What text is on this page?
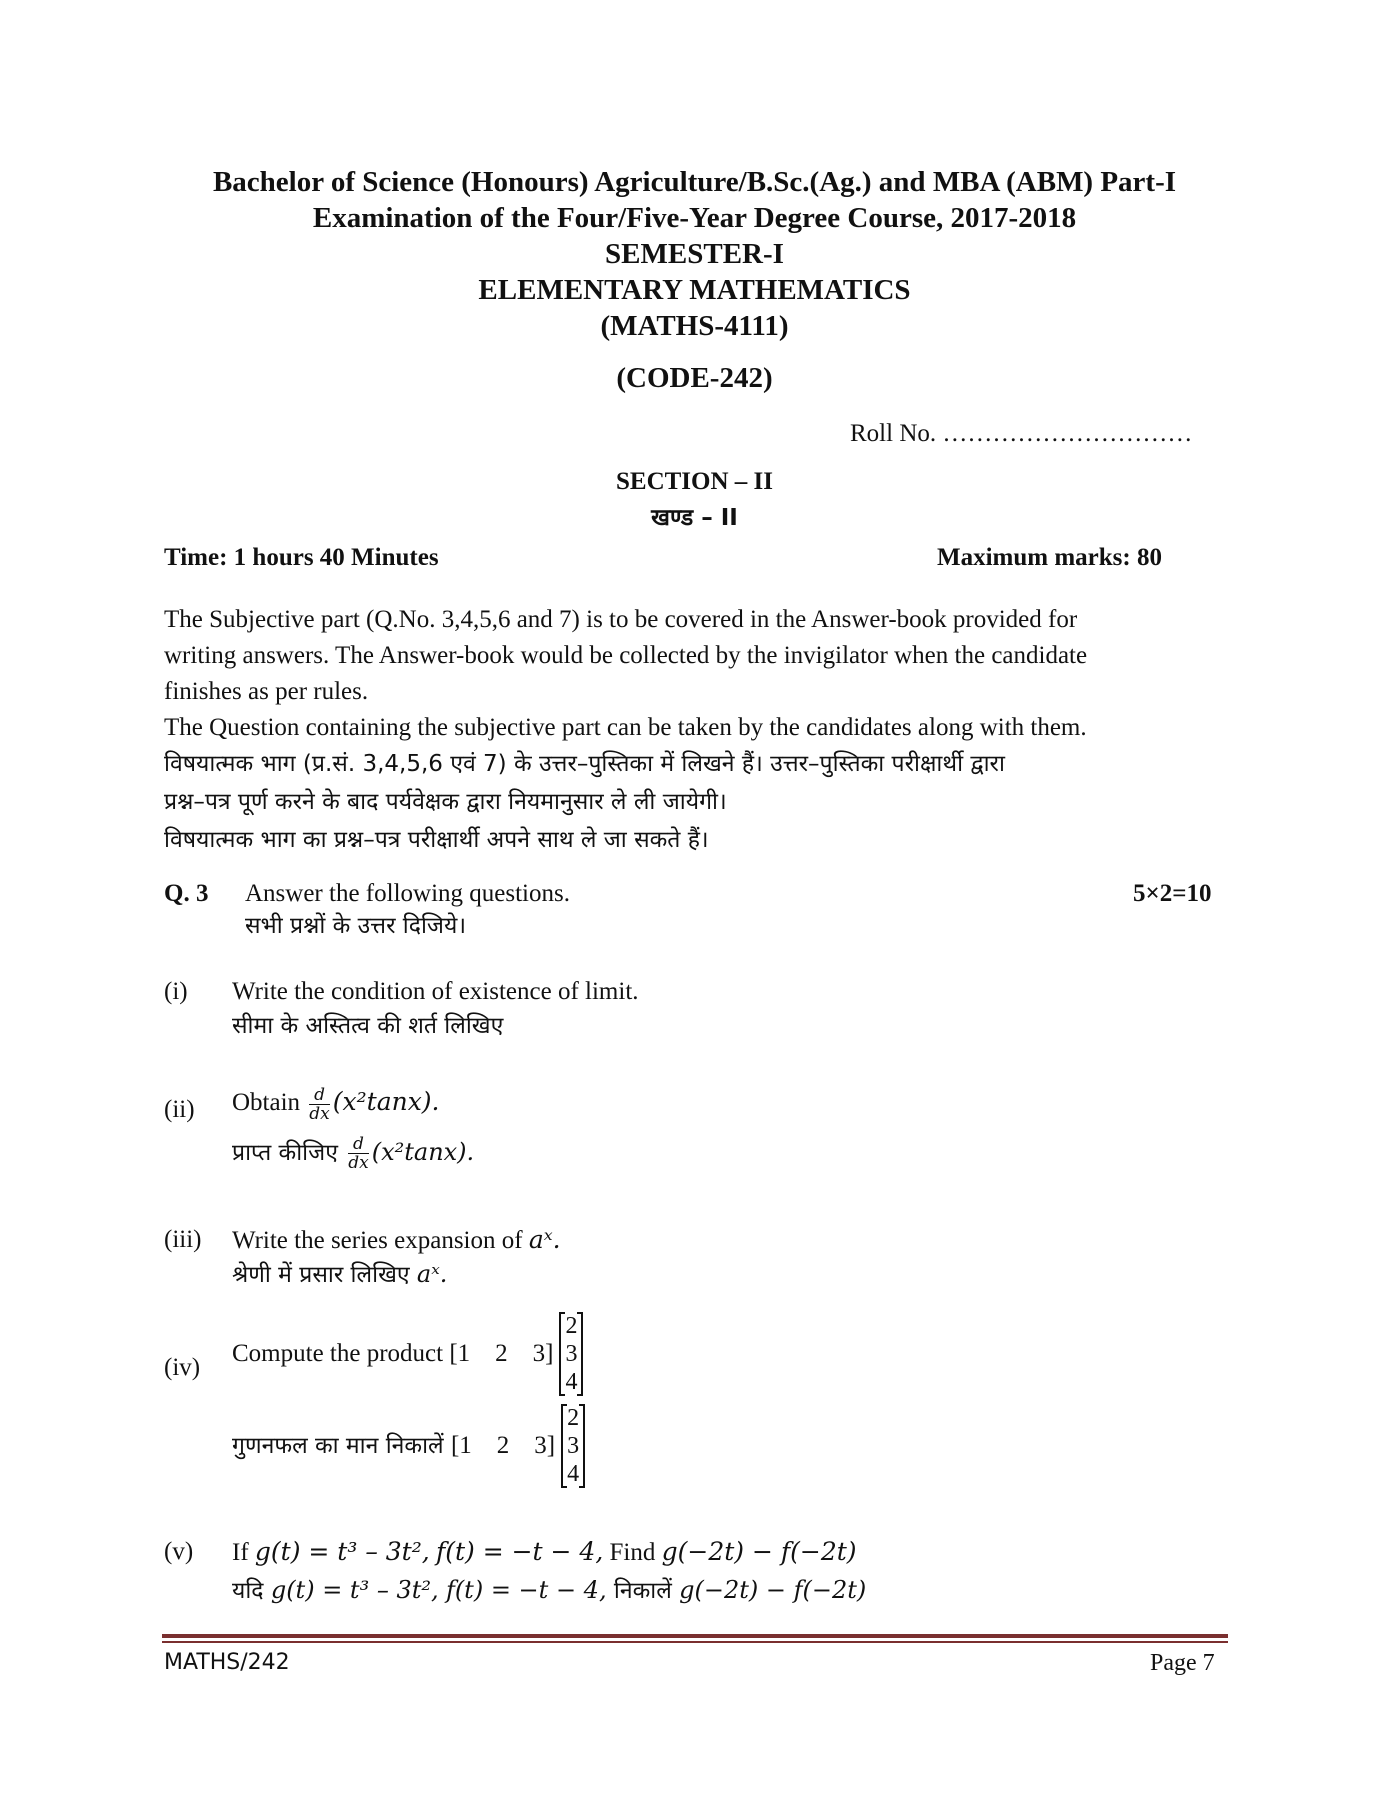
Bachelor of Science (Honours) Agriculture/B.Sc.(Ag.) and MBA (ABM) Part-I
Examination of the Four/Five-Year Degree Course, 2017-2018
SEMESTER-I
ELEMENTARY MATHEMATICS
(MATHS-4111)
(CODE-242)
Roll No. …………………………
SECTION – II
खण्ड – II
Time: 1 hours 40 Minutes	Maximum marks: 80
The Subjective part (Q.No. 3,4,5,6 and 7) is to be covered in the Answer-book provided for
writing answers. The Answer-book would be collected by the invigilator when the candidate
finishes as per rules.
The Question containing the subjective part can be taken by the candidates along with them.
विषयात्मक भाग (प्र.सं. 3,4,5,6 एवं 7) के उत्तर–पुस्तिका में लिखने हैं। उत्तर–पुस्तिका परीक्षार्थी द्वारा
प्रश्न–पत्र पूर्ण करने के बाद पर्यवेक्षक द्वारा नियमानुसार ले ली जायेगी।
विषयात्मक भाग का प्रश्न–पत्र परीक्षार्थी अपने साथ ले जा सकते हैं।
Q. 3 Answer the following questions.
सभी प्रश्नों के उत्तर दिजिये।
5×2=10
(i) Write the condition of existence of limit.
सीमा के अस्तित्व की शर्त लिखिए
(ii) Obtain $\frac{d}{dx} (x^2\tan x)$.
प्राप्त कीजिए $\frac{d}{dx} (x^2\tan x)$.
(iii) Write the series expansion of aˣ.
श्रेणी में प्रसार लिखिए aˣ.
(iv)
Compute the product [1    2    3]
2
3
4
गुणनफल का मान निकालें [1    2    3]
2
3
4
(v) If g(t) = t³ – 3t², f(t) = −t − 4, Find g(−2t) − f(−2t)
यदि g(t) = t³ – 3t², f(t) = −t − 4, निकालें g(−2t) − f(−2t)
MATHS/242	Page 7
